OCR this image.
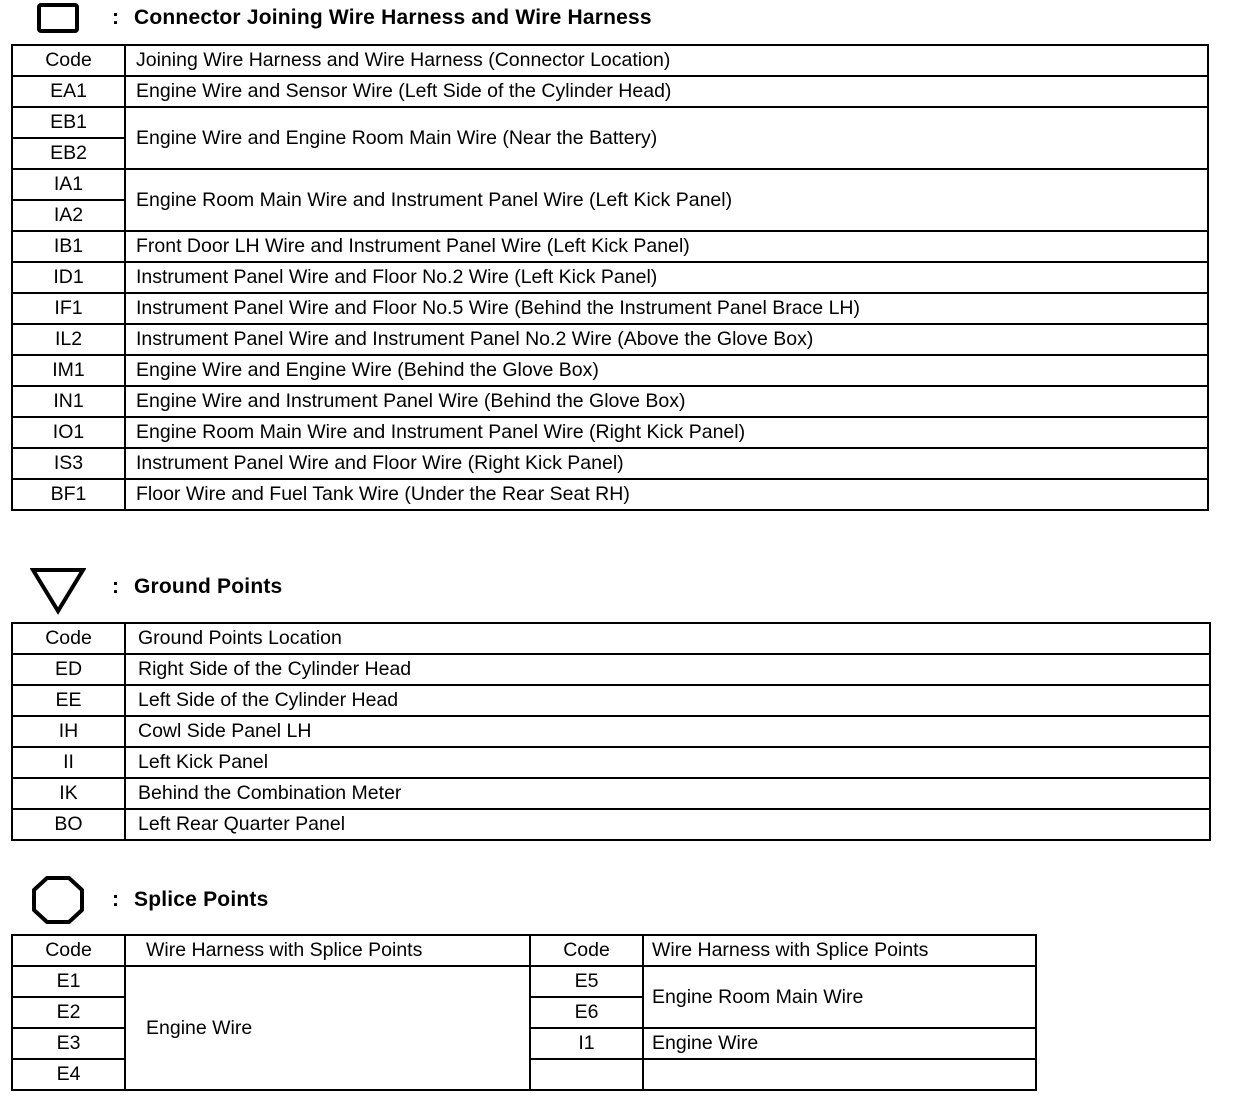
: Connector Joining Wire Harness and Wire Harness
Code	Joining Wire Harness and Wire Harness (Connector Location)
EA1	Engine Wire and Sensor Wire (Left Side of the Cylinder Head)
EB1	Engine Wire and Engine Room Main Wire (Near the Battery)
EB2	
IA1	Engine Room Main Wire and Instrument Panel Wire (Left Kick Panel)
IA2	
IB1	Front Door LH Wire and Instrument Panel Wire (Left Kick Panel)
ID1	Instrument Panel Wire and Floor No.2 Wire (Left Kick Panel)
IF1	Instrument Panel Wire and Floor No.5 Wire (Behind the Instrument Panel Brace LH)
IL2	Instrument Panel Wire and Instrument Panel No.2 Wire (Above the Glove Box)
IM1	Engine Wire and Engine Wire (Behind the Glove Box)
IN1	Engine Wire and Instrument Panel Wire (Behind the Glove Box)
IO1	Engine Room Main Wire and Instrument Panel Wire (Right Kick Panel)
IS3	Instrument Panel Wire and Floor Wire (Right Kick Panel)
BF1	Floor Wire and Fuel Tank Wire (Under the Rear Seat RH)
: Ground Points
Code	Ground Points Location
ED	Right Side of the Cylinder Head
EE	Left Side of the Cylinder Head
IH	Cowl Side Panel LH
II	Left Kick Panel
IK	Behind the Combination Meter
BO	Left Rear Quarter Panel
: Splice Points
Code	Wire Harness with Splice Points	Code	Wire Harness with Splice Points
E1	Engine Wire	E5	Engine Room Main Wire
E2		E6	
E3		I1	Engine Wire
E4			
